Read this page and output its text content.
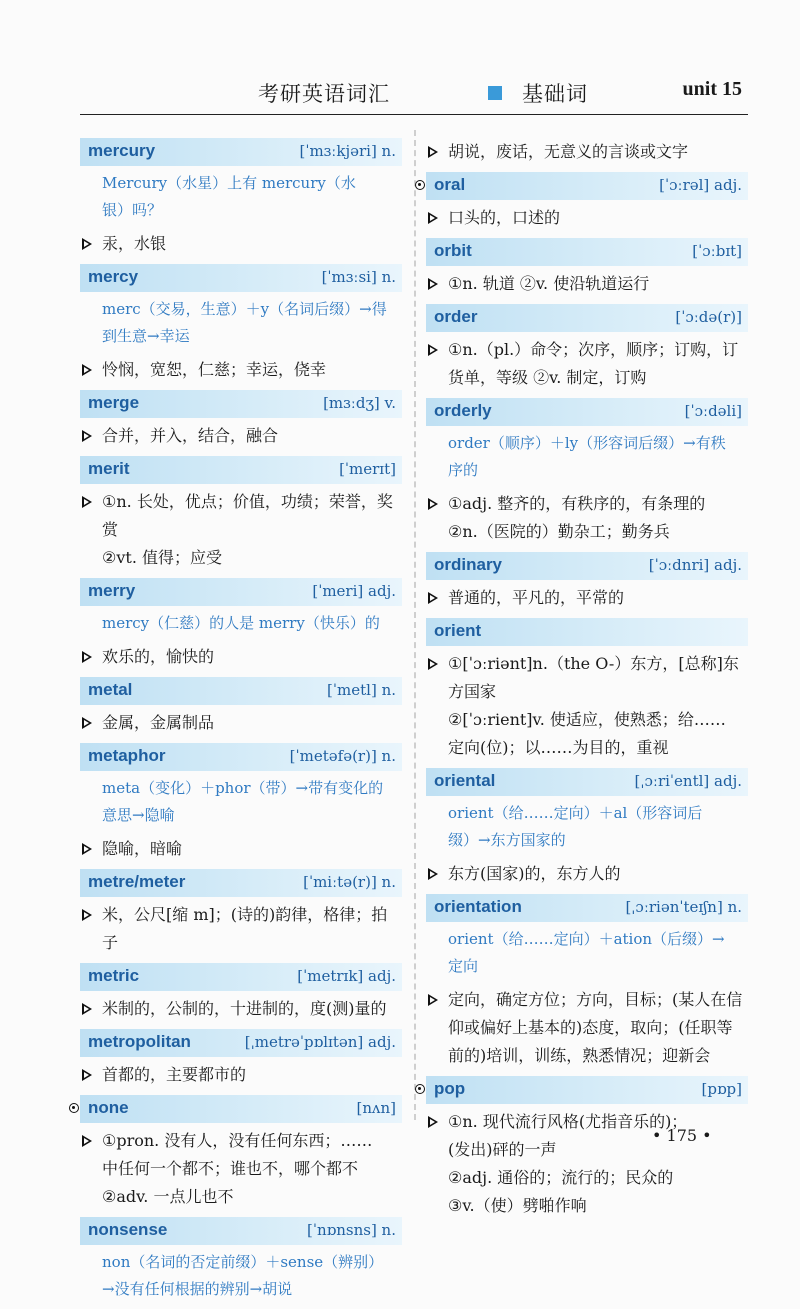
考研英语词汇	基础词	unit 15
mercury	[ˈmɜːkjəri] n.
Mercury（水星）上有 mercury（水
银）吗？
汞，水银
mercy	[ˈmɜːsi] n.
merc（交易，生意）＋y（名词后缀）→得
到生意→幸运
怜悯，宽恕，仁慈；幸运，侥幸
merge	[mɜːdʒ] v.
合并，并入，结合，融合
merit	[ˈmerɪt]
①n. 长处，优点；价值，功绩；荣誉，奖赏
②vt. 值得；应受
merry	[ˈmeri] adj.
mercy（仁慈）的人是 merry（快乐）的
欢乐的，愉快的
metal	[ˈmetl] n.
金属，金属制品
metaphor	[ˈmetəfə(r)] n.
meta（变化）＋phor（带）→带有变化的
意思→隐喻
隐喻，暗喻
metre/meter	[ˈmiːtə(r)] n.
米，公尺[缩 m]；(诗的)韵律，格律；拍子
metric	[ˈmetrɪk] adj.
米制的，公制的，十进制的，度(测)量的
metropolitan	[ˌmetrəˈpɒlɪtən] adj.
首都的，主要都市的
none	[nʌn]
①pron. 没有人，没有任何东西；……
中任何一个都不；谁也不，哪个都不
②adv. 一点儿也不
nonsense	[ˈnɒnsns] n.
non（名词的否定前缀）＋sense（辨别）
→没有任何根据的辨别→胡说
胡说，废话，无意义的言谈或文字
oral	[ˈɔːrəl] adj.
口头的，口述的
orbit	[ˈɔːbɪt]
①n. 轨道 ②v. 使沿轨道运行
order	[ˈɔːdə(r)]
①n.（pl.）命令；次序，顺序；订购，订
货单，等级 ②v. 制定，订购
orderly	[ˈɔːdəli]
order（顺序）＋ly（形容词后缀）→有秩
序的
①adj. 整齐的，有秩序的，有条理的
②n.（医院的）勤杂工；勤务兵
ordinary	[ˈɔːdnri] adj.
普通的，平凡的，平常的
orient
①[ˈɔːriənt]n.（the O-）东方，[总称]东
方国家
②[ˈɔːrient]v. 使适应，使熟悉；给……
定向(位)；以……为目的，重视
oriental	[ˌɔːriˈentl] adj.
orient（给……定向）＋al（形容词后
缀）→东方国家的
东方(国家)的，东方人的
orientation	[ˌɔːriənˈteɪʃn] n.
orient（给……定向）＋ation（后缀）→
定向
定向，确定方位；方向，目标；(某人在信
仰或偏好上基本的)态度，取向；(任职等
前的)培训，训练，熟悉情况；迎新会
pop	[pɒp]
①n. 现代流行风格(尤指音乐的)；
(发出)砰的一声
②adj. 通俗的；流行的；民众的
③v.（使）劈啪作响
• 175 •
